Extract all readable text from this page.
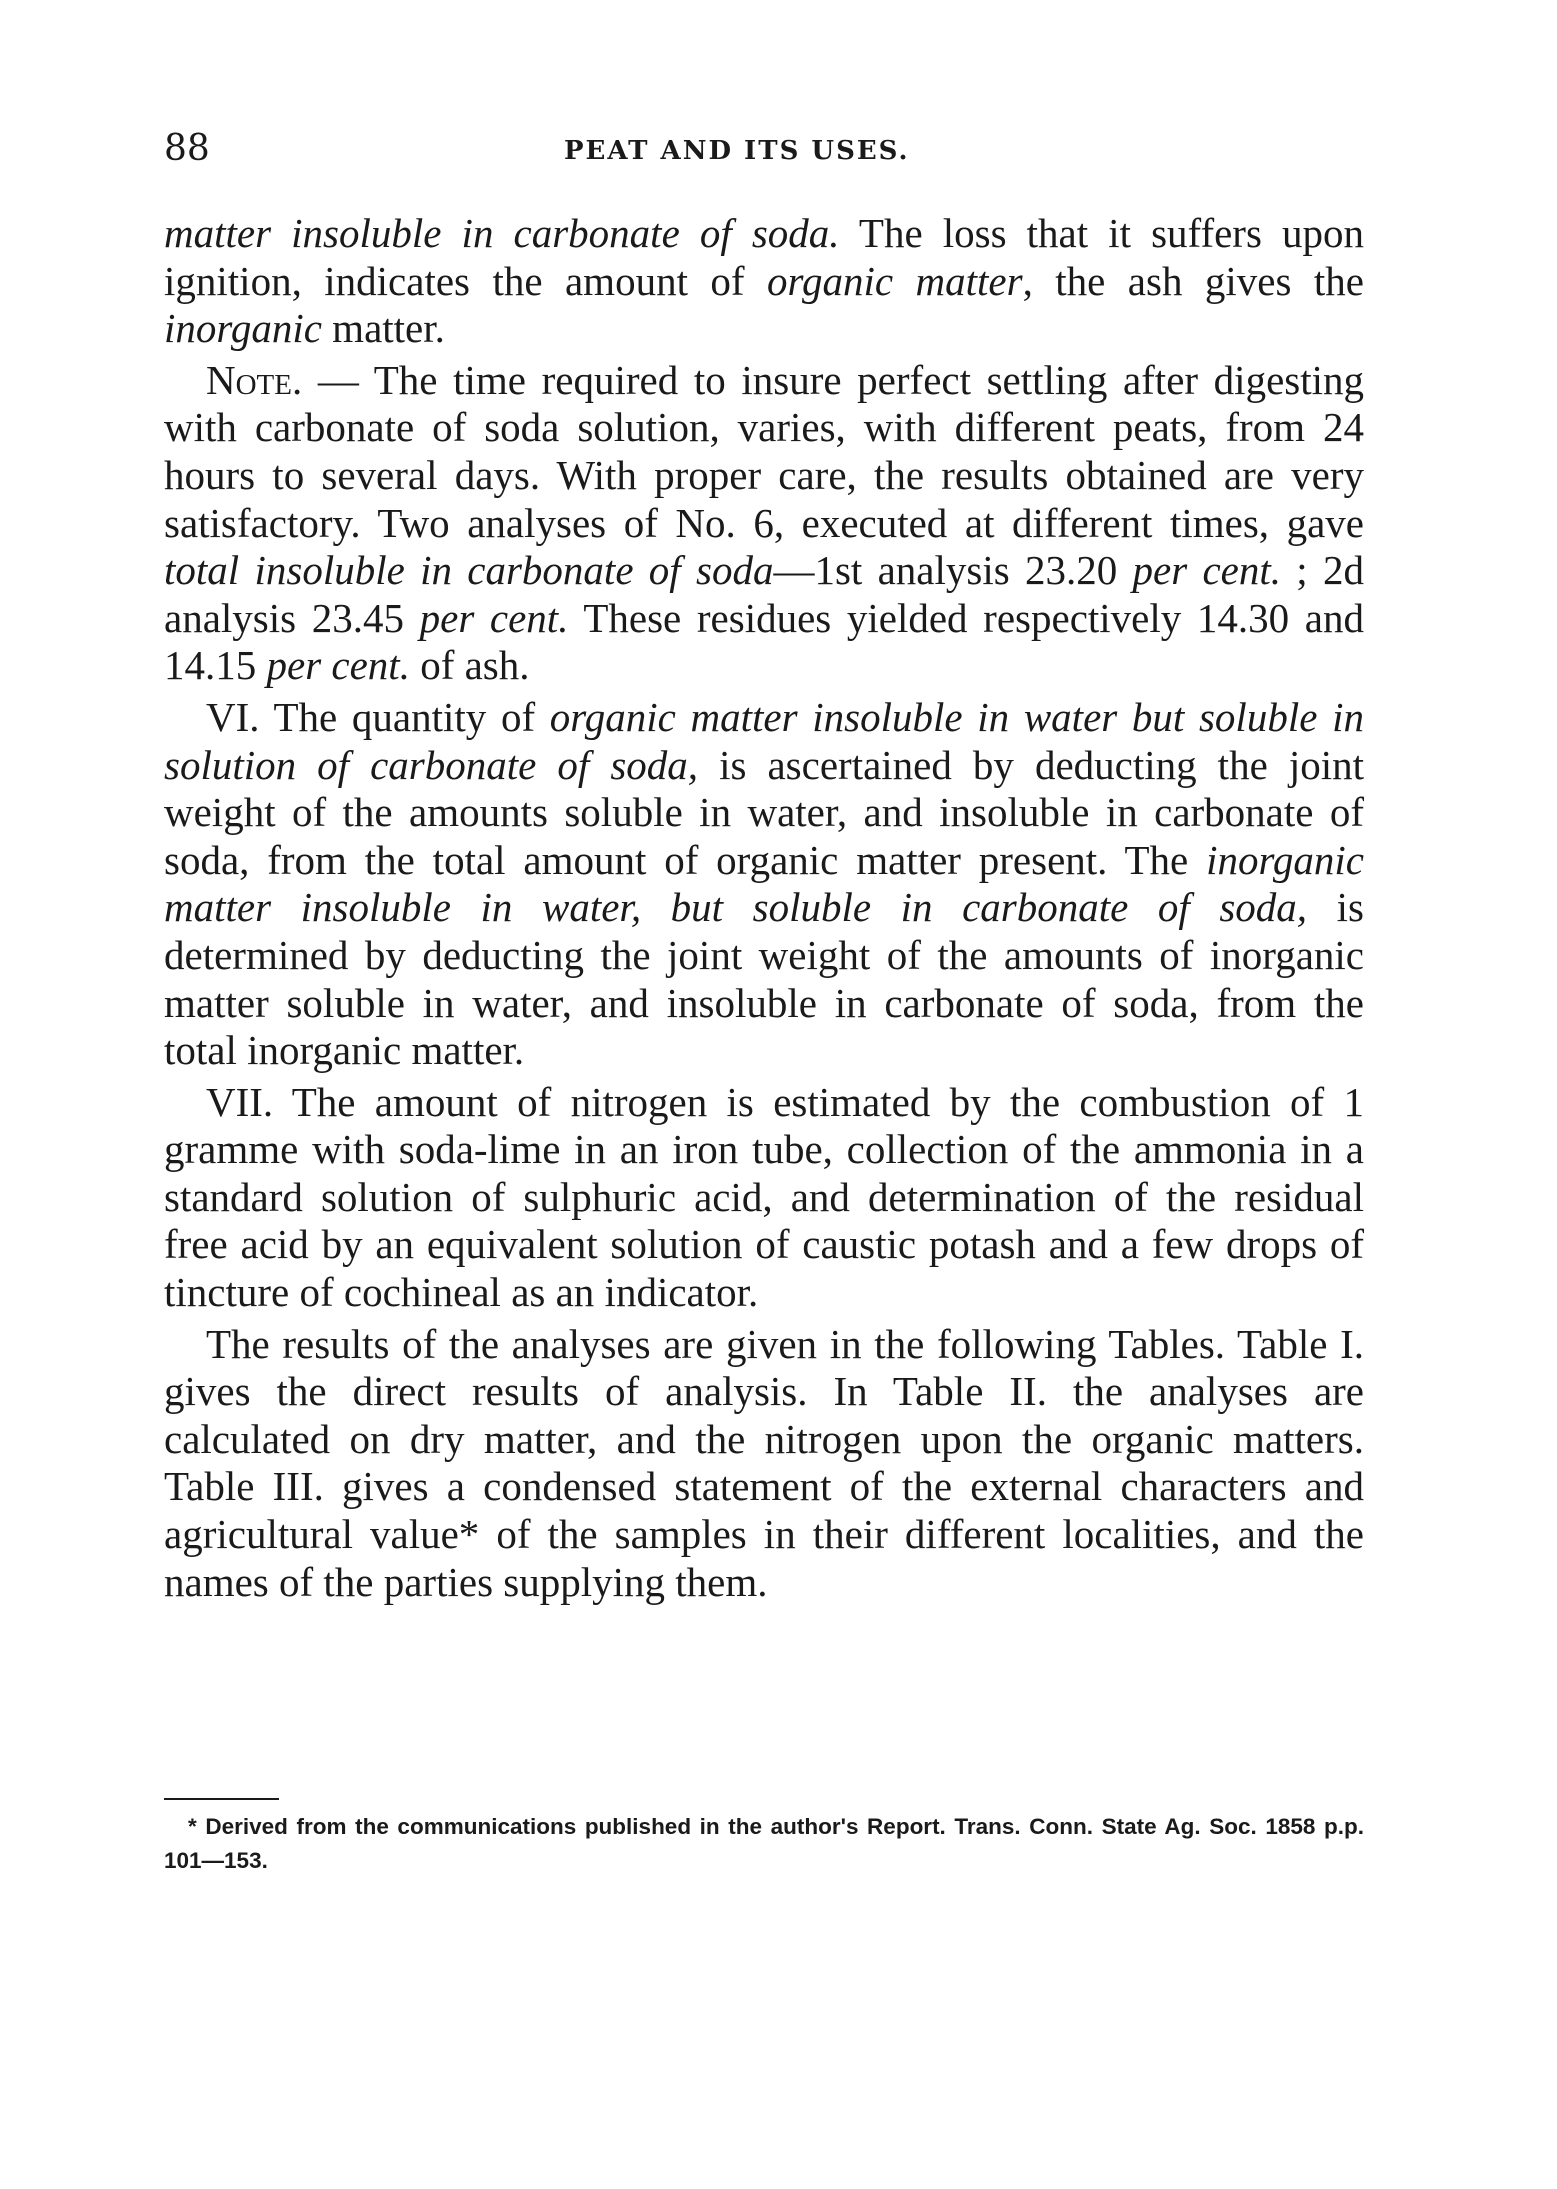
88	PEAT AND ITS USES.

matter insoluble in carbonate of soda. The loss that it suffers upon ignition, indicates the amount of organic matter, the ash gives the inorganic matter.

Note. — The time required to insure perfect settling after digesting with carbonate of soda solution, varies, with different peats, from 24 hours to several days. With proper care, the results obtained are very satisfactory. Two analyses of No. 6, executed at different times, gave total insoluble in carbonate of soda—1st analysis 23.20 per cent. ; 2d analysis 23.45 per cent. These residues yielded respectively 14.30 and 14.15 per cent. of ash.

VI. The quantity of organic matter insoluble in water but soluble in solution of carbonate of soda, is ascertained by deducting the joint weight of the amounts soluble in water, and insoluble in carbonate of soda, from the total amount of organic matter present. The inorganic matter insoluble in water, but soluble in carbonate of soda, is determined by deducting the joint weight of the amounts of inorganic matter soluble in water, and insoluble in carbonate of soda, from the total inorganic matter.

VII. The amount of nitrogen is estimated by the combustion of 1 gramme with soda-lime in an iron tube, collection of the ammonia in a standard solution of sulphuric acid, and determination of the residual free acid by an equivalent solution of caustic potash and a few drops of tincture of cochineal as an indicator.

The results of the analyses are given in the following Tables. Table I. gives the direct results of analysis. In Table II. the analyses are calculated on dry matter, and the nitrogen upon the organic matters. Table III. gives a condensed statement of the external characters and agricultural value* of the samples in their different localities, and the names of the parties supplying them.

* Derived from the communications published in the author's Report. Trans. Conn. State Ag. Soc. 1858 p.p. 101—153.
